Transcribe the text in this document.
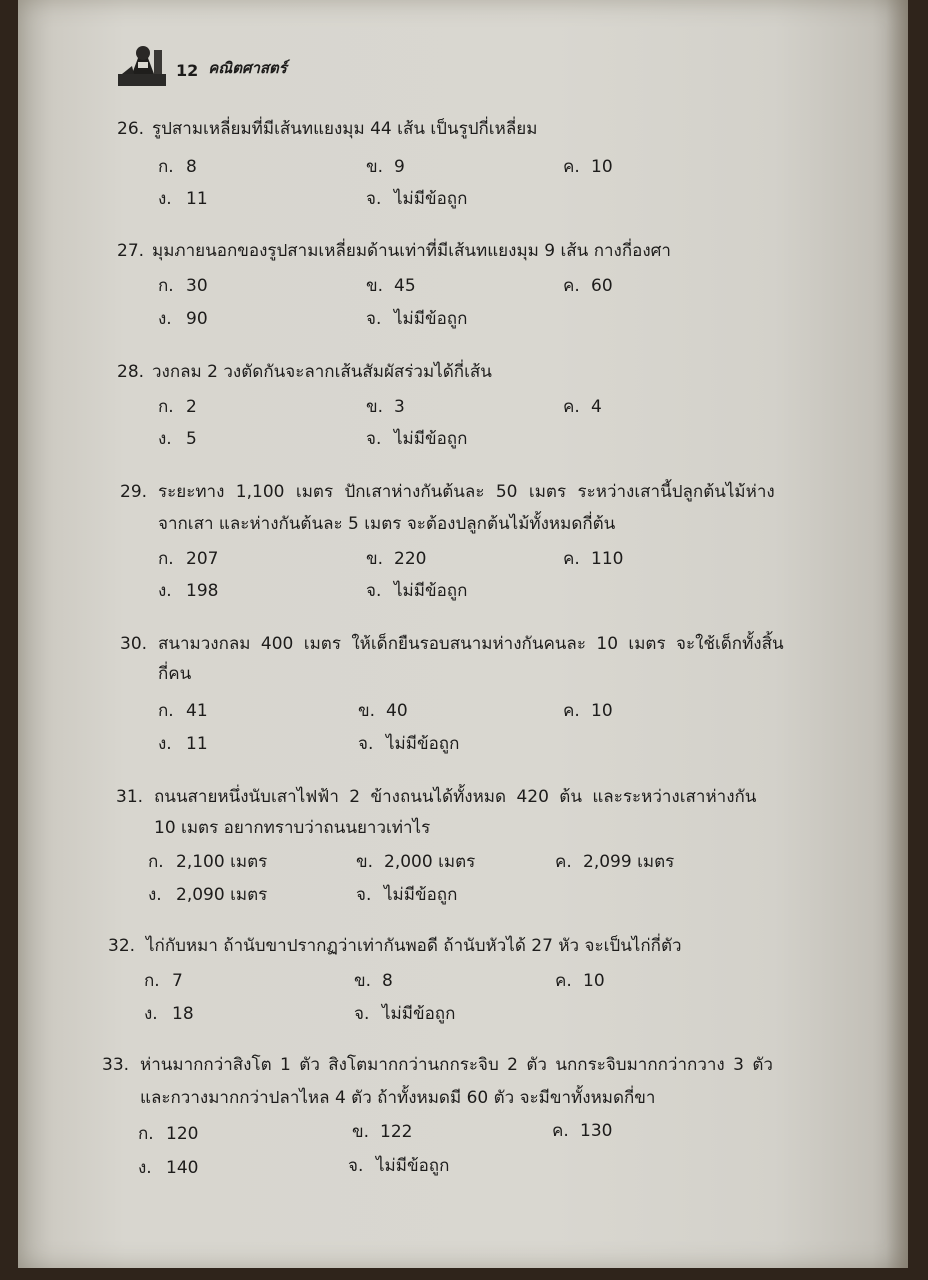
12 คณิตศาสตร์
26. รูปสามเหลี่ยมที่มีเส้นทแยงมุม 44 เส้น เป็นรูปกี่เหลี่ยม
ก. 8	ข. 9	ค. 10
ง. 11	จ. ไม่มีข้อถูก
27. มุมภายนอกของรูปสามเหลี่ยมด้านเท่าที่มีเส้นทแยงมุม 9 เส้น กางกี่องศา
ก. 30	ข. 45	ค. 60
ง. 90	จ. ไม่มีข้อถูก
28. วงกลม 2 วงตัดกันจะลากเส้นสัมผัสร่วมได้กี่เส้น
ก. 2	ข. 3	ค. 4
ง. 5	จ. ไม่มีข้อถูก
29. ระยะทาง 1,100 เมตร ปักเสาห่างกันต้นละ 50 เมตร ระหว่างเสานี้ปลูกต้นไม้ห่าง
จากเสา และห่างกันต้นละ 5 เมตร จะต้องปลูกต้นไม้ทั้งหมดกี่ต้น
ก. 207	ข. 220	ค. 110
ง. 198	จ. ไม่มีข้อถูก
30. สนามวงกลม 400 เมตร ให้เด็กยืนรอบสนามห่างกันคนละ 10 เมตร จะใช้เด็กทั้งสิ้น
กี่คน
ก. 41	ข. 40	ค. 10
ง. 11	จ. ไม่มีข้อถูก
31. ถนนสายหนึ่งนับเสาไฟฟ้า 2 ข้างถนนได้ทั้งหมด 420 ต้น และระหว่างเสาห่างกัน
10 เมตร อยากทราบว่าถนนยาวเท่าไร
ก. 2,100 เมตร	ข. 2,000 เมตร	ค. 2,099 เมตร
ง. 2,090 เมตร	จ. ไม่มีข้อถูก
32. ไก่กับหมา ถ้านับขาปรากฏว่าเท่ากันพอดี ถ้านับหัวได้ 27 หัว จะเป็นไก่กี่ตัว
ก. 7	ข. 8	ค. 10
ง. 18	จ. ไม่มีข้อถูก
33. ห่านมากกว่าสิงโต 1 ตัว สิงโตมากกว่านกกระจิบ 2 ตัว นกกระจิบมากกว่ากวาง 3 ตัว
และกวางมากกว่าปลาไหล 4 ตัว ถ้าทั้งหมดมี 60 ตัว จะมีขาทั้งหมดกี่ขา
ก. 120	ข. 122	ค. 130
ง. 140	จ. ไม่มีข้อถูก
